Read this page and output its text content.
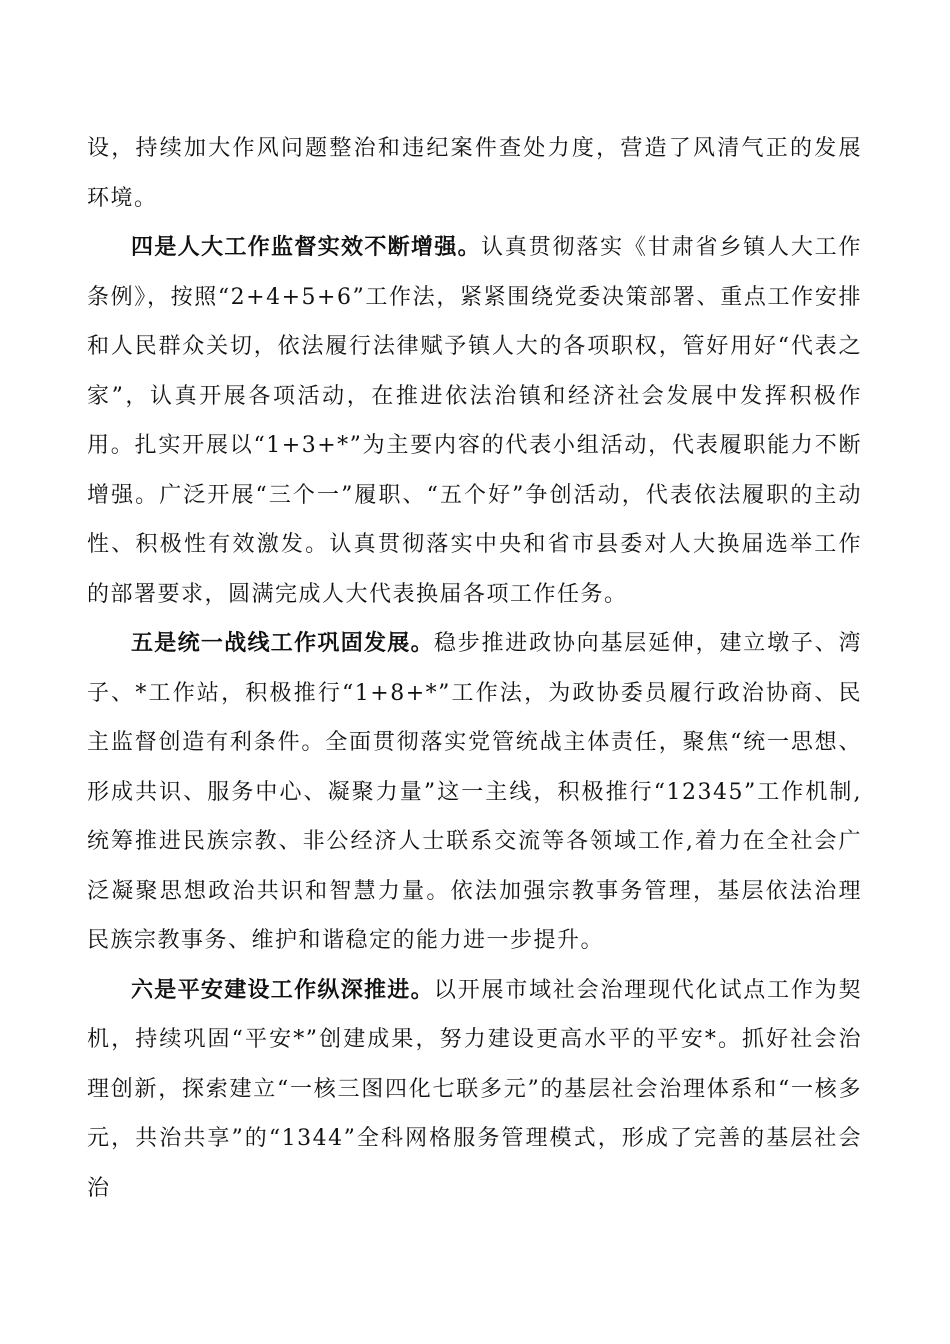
设，持续加大作风问题整治和违纪案件查处力度，营造了风清气正的发展环境。

四是人大工作监督实效不断增强。认真贯彻落实《甘肃省乡镇人大工作条例》，按照“2+4+5+6”工作法，紧紧围绕党委决策部署、重点工作安排和人民群众关切，依法履行法律赋予镇人大的各项职权，管好用好“代表之家”，认真开展各项活动，在推进依法治镇和经济社会发展中发挥积极作用。扎实开展以“1+3+*”为主要内容的代表小组活动，代表履职能力不断增强。广泛开展“三个一”履职、“五个好”争创活动，代表依法履职的主动性、积极性有效激发。认真贯彻落实中央和省市县委对人大换届选举工作的部署要求，圆满完成人大代表换届各项工作任务。

五是统一战线工作巩固发展。稳步推进政协向基层延伸，建立墩子、湾子、*工作站，积极推行“1+8+*”工作法，为政协委员履行政治协商、民主监督创造有利条件。全面贯彻落实党管统战主体责任，聚焦“统一思想、形成共识、服务中心、凝聚力量”这一主线，积极推行“12345”工作机制,统筹推进民族宗教、非公经济人士联系交流等各领域工作,着力在全社会广泛凝聚思想政治共识和智慧力量。依法加强宗教事务管理，基层依法治理民族宗教事务、维护和谐稳定的能力进一步提升。

六是平安建设工作纵深推进。以开展市域社会治理现代化试点工作为契机，持续巩固“平安*”创建成果，努力建设更高水平的平安*。抓好社会治理创新，探索建立“一核三图四化七联多元”的基层社会治理体系和“一核多元，共治共享”的“1344”全科网格服务管理模式，形成了完善的基层社会治
